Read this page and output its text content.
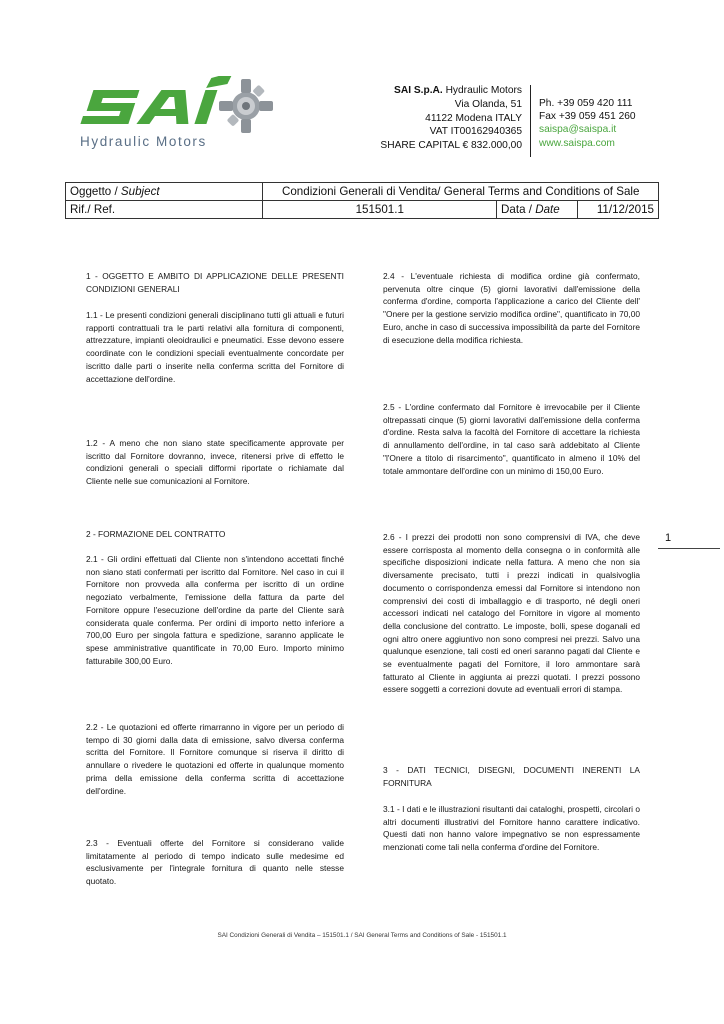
Hydraulic Motors
SAI S.p.A. Hydraulic Motors
Via Olanda, 51
41122 Modena ITALY
VAT IT00162940365
SHARE CAPITAL € 832.000,00
Ph. +39 059 420 111
Fax +39 059 451 260
saispa@saispa.it
www.saispa.com
Oggetto / Subject	Condizioni Generali di Vendita/ General Terms and Conditions of Sale		
Rif./ Ref.	151501.1	Data / Date	11/12/2015
1 - OGGETTO E AMBITO DI APPLICAZIONE DELLE PRESENTI CONDIZIONI GENERALI
1.1 - Le presenti condizioni generali disciplinano tutti gli attuali e futuri rapporti contrattuali tra le parti relativi alla fornitura di componenti, attrezzature, impianti oleoidraulici e pneumatici. Esse devono essere coordinate con le condizioni speciali eventualmente concordate per iscritto dalle parti o inserite nella conferma scritta del Fornitore di accettazione dell'ordine.
1.2 - A meno che non siano state specificamente approvate per iscritto dal Fornitore dovranno, invece, ritenersi prive di effetto le condizioni generali o speciali difformi riportate o richiamate dal Cliente nelle sue comunicazioni al Fornitore.
2 - FORMAZIONE DEL CONTRATTO
2.1 - Gli ordini effettuati dal Cliente non s'intendono accettati finché non siano stati confermati per iscritto dal Fornitore. Nel caso in cui il Fornitore non provveda alla conferma per iscritto di un ordine negoziato verbalmente, l'emissione della fattura da parte del Fornitore oppure l'esecuzione dell'ordine da parte del Cliente sarà considerata quale conferma. Per ordini di importo netto inferiore a 700,00 Euro per singola fattura e spedizione, saranno applicate le spese amministrative quantificate in 70,00 Euro. Importo minimo fatturabile 300,00 Euro.
2.2 - Le quotazioni ed offerte rimarranno in vigore per un periodo di tempo di 30 giorni dalla data di emissione, salvo diversa conferma scritta del Fornitore. Il Fornitore comunque si riserva il diritto di annullare o rivedere le quotazioni ed offerte in qualunque momento prima della emissione della conferma scritta di accettazione dell'ordine.
2.3 - Eventuali offerte del Fornitore si considerano valide limitatamente al periodo di tempo indicato sulle medesime ed esclusivamente per l'integrale fornitura di quanto nelle stesse quotato.
2.4 - L'eventuale richiesta di modifica ordine già confermato, pervenuta oltre cinque (5) giorni lavorativi dall'emissione della conferma d'ordine, comporta l'applicazione a carico del Cliente dell' "Onere per la gestione servizio modifica ordine", quantificato in 70,00 Euro, anche in caso di successiva impossibilità da parte del Fornitore di esecuzione della modifica richiesta.
2.5 - L'ordine confermato dal Fornitore è irrevocabile per il Cliente oltrepassati cinque (5) giorni lavorativi dall'emissione della conferma d'ordine. Resta salva la facoltà del Fornitore di accettare la richiesta di annullamento dell'ordine, in tal caso sarà addebitato al Cliente "l'Onere a titolo di risarcimento", quantificato in almeno il 10% del totale ammontare dell'ordine con un minimo di 150,00 Euro.
2.6 - I prezzi dei prodotti non sono comprensivi di IVA, che deve essere corrisposta al momento della consegna o in conformità alle specifiche disposizioni indicate nella fattura. A meno che non sia diversamente precisato, tutti i prezzi indicati in qualsivoglia documento o corrispondenza emessi dal Fornitore si intendono non comprensivi dei costi di imballaggio e di trasporto, né degli oneri accessori indicati nel catalogo del Fornitore in vigore al momento della conclusione del contratto. Le imposte, bolli, spese doganali ed ogni altro onere aggiuntivo non sono compresi nei prezzi. Salvo una qualunque esenzione, tali costi ed oneri saranno pagati dal Cliente e se eventualmente pagati del Fornitore, il loro ammontare sarà fatturato al Cliente in aggiunta ai prezzi quotati. I prezzi possono essere soggetti a correzioni dovute ad eventuali errori di stampa.
3 - DATI TECNICI, DISEGNI, DOCUMENTI INERENTI LA FORNITURA
3.1 - I dati e le illustrazioni risultanti dai cataloghi, prospetti, circolari o altri documenti illustrativi del Fornitore hanno carattere indicativo. Questi dati non hanno valore impegnativo se non espressamente menzionati come tali nella conferma d'ordine del Fornitore.
1
SAI Condizioni Generali di Vendita – 151501.1 / SAI General Terms and Conditions of Sale - 151501.1
